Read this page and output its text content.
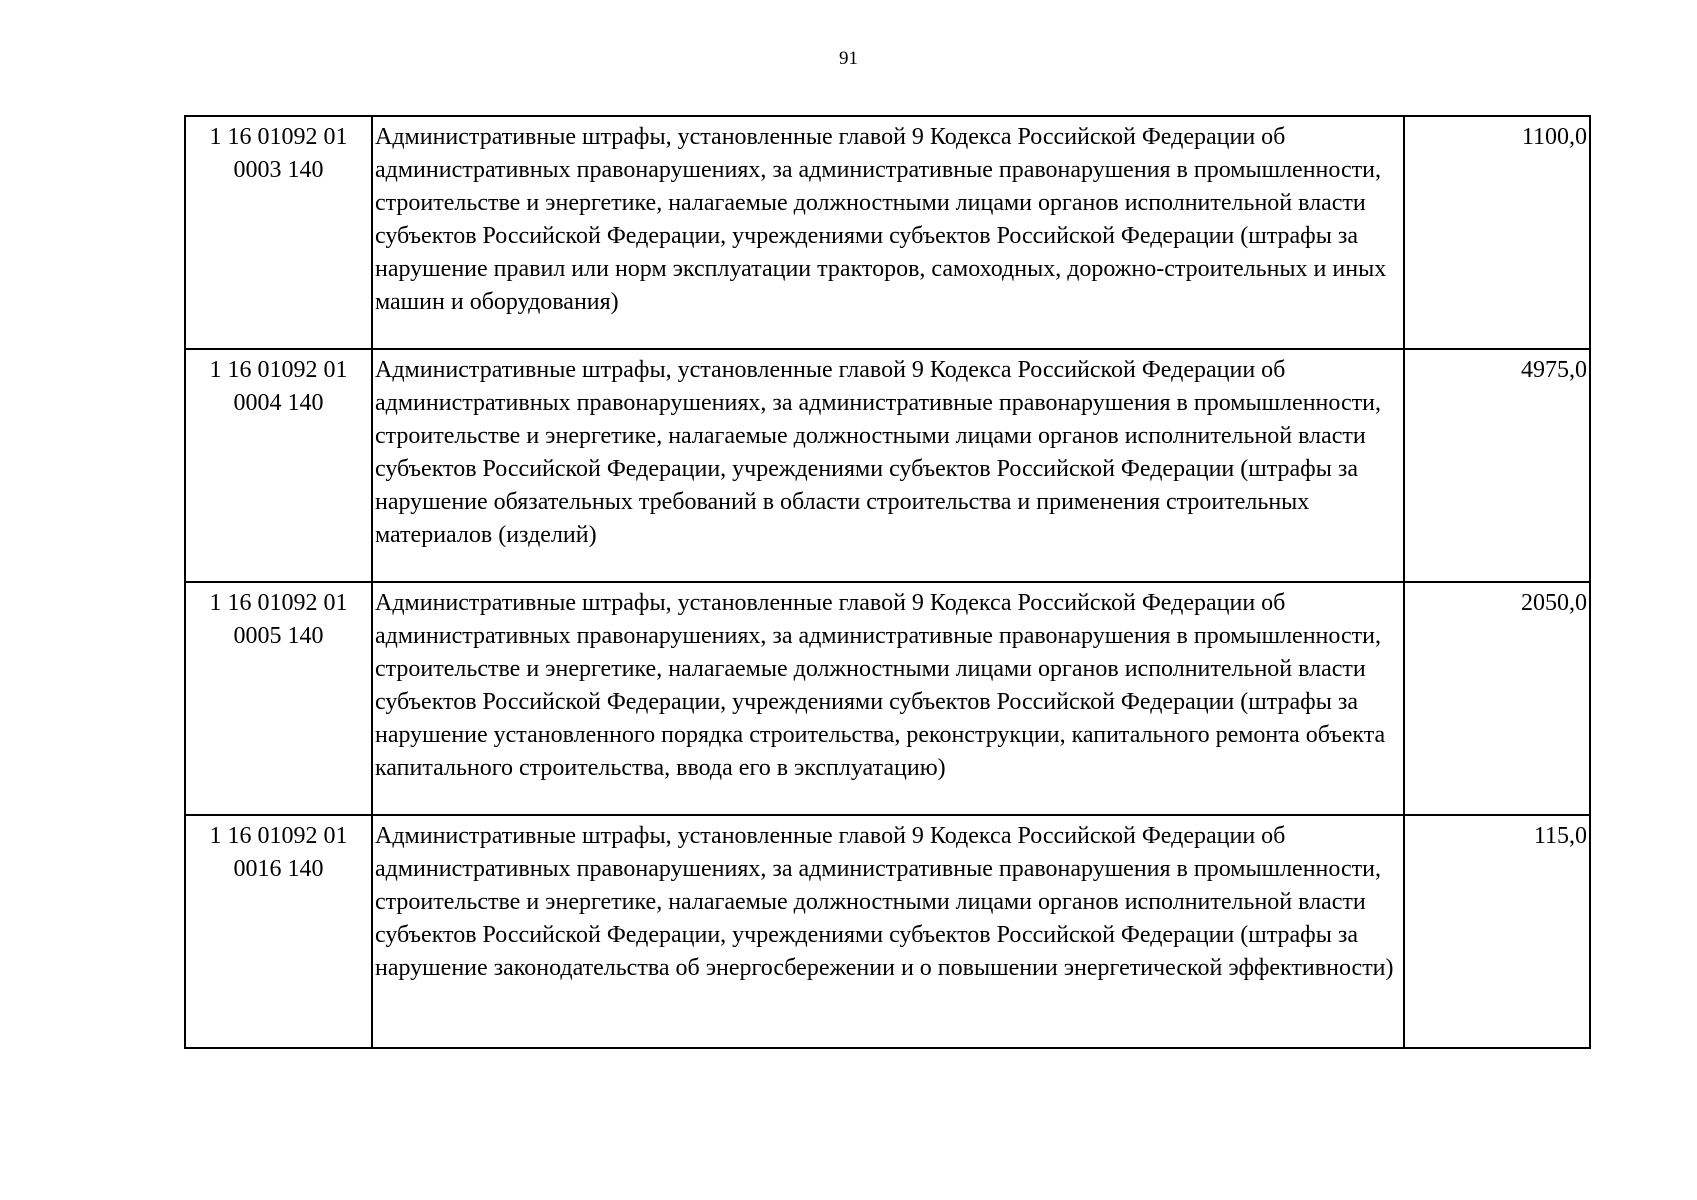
91
1 16 01092 01
0003 140	Административные штрафы, установленные главой 9 Кодекса Российской Федерации об административных правонарушениях, за административные правонарушения в промышленности, строительстве и энергетике, налагаемые должностными лицами органов исполнительной власти субъектов Российской Федерации, учреждениями субъектов Российской Федерации (штрафы за нарушение правил или норм эксплуатации тракторов, самоходных, дорожно-строительных и иных машин и оборудования)	1100,0

1 16 01092 01
0004 140	Административные штрафы, установленные главой 9 Кодекса Российской Федерации об административных правонарушениях, за административные правонарушения в промышленности, строительстве и энергетике, налагаемые должностными лицами органов исполнительной власти субъектов Российской Федерации, учреждениями субъектов Российской Федерации (штрафы за нарушение обязательных требований в области строительства и применения строительных материалов (изделий)	4975,0

1 16 01092 01
0005 140	Административные штрафы, установленные главой 9 Кодекса Российской Федерации об административных правонарушениях, за административные правонарушения в промышленности, строительстве и энергетике, налагаемые должностными лицами органов исполнительной власти субъектов Российской Федерации, учреждениями субъектов Российской Федерации (штрафы за нарушение установленного порядка строительства, реконструкции, капитального ремонта объекта капитального строительства, ввода его в эксплуатацию)	2050,0

1 16 01092 01
0016 140	Административные штрафы, установленные главой 9 Кодекса Российской Федерации об административных правонарушениях, за административные правонарушения в промышленности, строительстве и энергетике, налагаемые должностными лицами органов исполнительной власти субъектов Российской Федерации, учреждениями субъектов Российской Федерации (штрафы за нарушение законодательства об энергосбережении и о повышении энергетической эффективности)	115,0
